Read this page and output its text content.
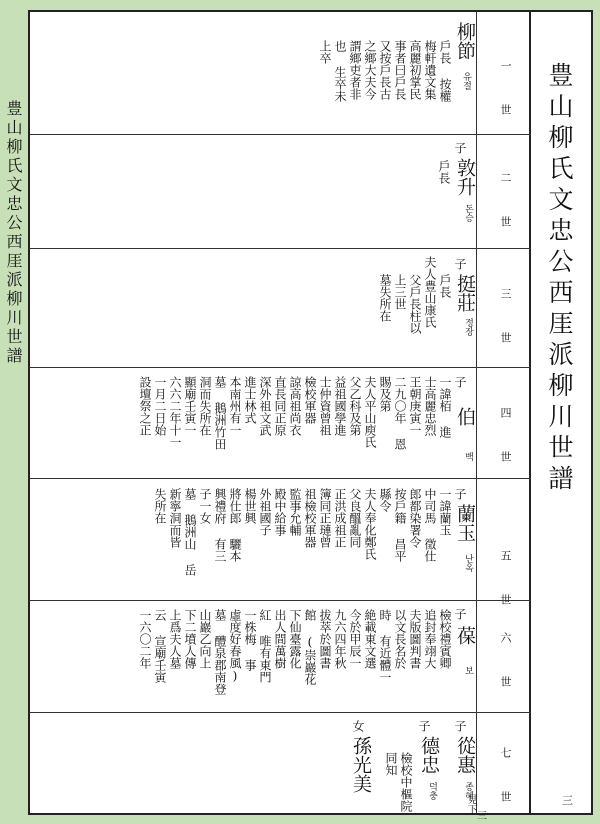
豊山柳氏文忠公西厓派柳川世譜	豊山柳氏文忠公西厓派柳川世譜
三
一 世
二 世
三 世
四 世
五 世
六 世
七 世
柳節
유절
戶長 按權
梅軒遺文集
高麗初掌民
事者曰戶長
又按戶長古
之鄉大夫今
謂鄉吏者非
也 生卒未
上卒
子
敦升
돈승
戶長
子
挺莊
정장
戶長
夫人豊山康氏
父戶長柱以
上三世
墓失所在
子
伯
백
一諱栢 進
士高麗忠烈
王朝庚寅一
二九〇年 恩
賜及第
夫人平山庾氏
父乙科及第
益祖國學進
士仲資曾祖
檢校軍器
諒高祖尚衣
直長同正原
深外祖文武
進士林式
本南州有一
墓 鵝洲竹田
洞而失所在
顯廟壬寅一
六六二年十一
一月二日始
設壇祭之正
子
蘭玉
난옥
一諱蘭玉
中司馬 徵仕
郎都染署令
按戶籍 昌平
縣令
夫人奉化鄭氏
父良醞亂同
正洪成祖正
簿同正璉曾
祖檢校軍器
監事允輔
殿中給事
外祖國子
楊世興
將仕郎 驪本
興禮府 有三
子一女
墓 鵝洲山 岳
新寧洞而皆
失所在
子
葆
보
檢校禮賓卿
追封奉翊大
夫版圖判書
以文長名於
時 有近體一
絶載東文選
今於甲辰一
九六四年秋
拔萃於圖書
館 (崇巖花
下仙臺露化
出人間萬樹
紅 唯有東門
一株梅 事
虛度好春風)
墓 醴泉郡南登
山巖乙向上
下二墳人傳
上爲夫人墓
云 宣廟壬寅
一六〇二年
子
從惠
종혜
見下
三
子
德忠
덕충
檢校中樞院
同知
女
孫光美
